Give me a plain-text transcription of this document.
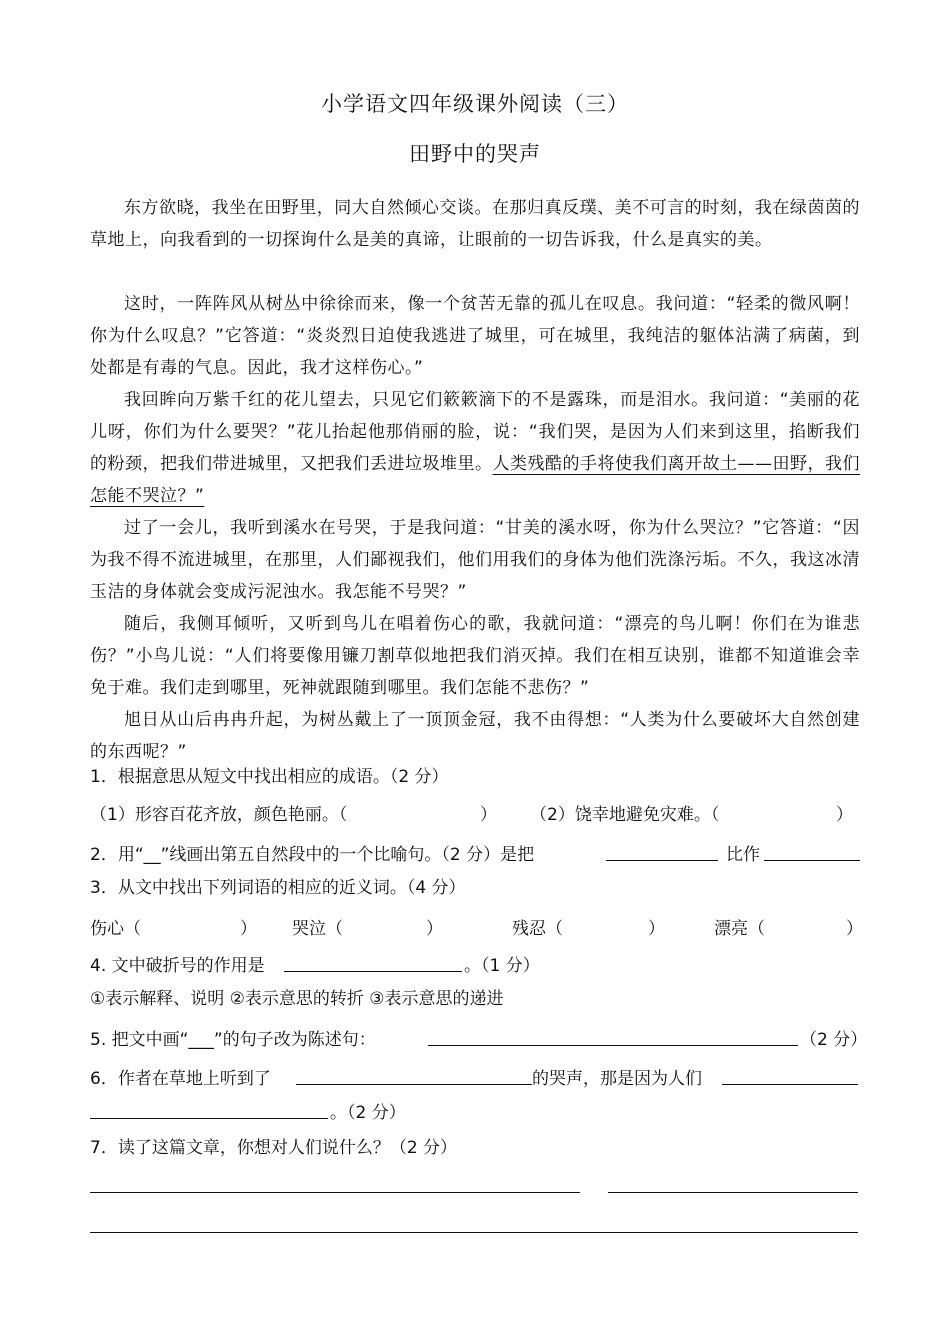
小学语文四年级课外阅读（三）
田野中的哭声

东方欲晓，我坐在田野里，同大自然倾心交谈。在那归真反璞、美不可言的时刻，我在绿茵茵的草地上，向我看到的一切探询什么是美的真谛，让眼前的一切告诉我，什么是真实的美。

这时，一阵阵风从树丛中徐徐而来，像一个贫苦无靠的孤儿在叹息。我问道：“轻柔的微风啊！你为什么叹息？”它答道：“炎炎烈日迫使我逃进了城里，可在城里，我纯洁的躯体沾满了病菌，到处都是有毒的气息。因此，我才这样伤心。”

我回眸向万紫千红的花儿望去，只见它们簌簌滴下的不是露珠，而是泪水。我问道：“美丽的花儿呀，你们为什么要哭？”花儿抬起他那俏丽的脸，说：“我们哭，是因为人们来到这里，掐断我们的粉颈，把我们带进城里，又把我们丢进垃圾堆里。人类残酷的手将使我们离开故土——田野，我们怎能不哭泣？”

过了一会儿，我听到溪水在号哭，于是我问道：“甘美的溪水呀，你为什么哭泣？”它答道：“因为我不得不流进城里，在那里，人们鄙视我们，他们用我们的身体为他们洗涤污垢。不久，我这冰清玉洁的身体就会变成污泥浊水。我怎能不号哭？”

随后，我侧耳倾听，又听到鸟儿在唱着伤心的歌，我就问道：“漂亮的鸟儿啊！你们在为谁悲伤？”小鸟儿说：“人们将要像用镰刀割草似地把我们消灭掉。我们在相互诀别，谁都不知道谁会幸免于难。我们走到哪里，死神就跟随到哪里。我们怎能不悲伤？”

旭日从山后冉冉升起，为树丛戴上了一顶顶金冠，我不由得想：“人类为什么要破坏大自然创建的东西呢？”

1．根据意思从短文中找出相应的成语。（2 分）
（1）形容百花齐放，颜色艳丽。（	） （2）饶幸地避免灾难。（	）
2．用“__”线画出第五自然段中的一个比喻句。（2 分）是把	比作
3．从文中找出下列词语的相应的近义词。（4 分）
伤心（	） 哭泣（	）	残忍（	）	漂亮（	）
4. 文中破折号的作用是	。（1 分）
①表示解释、说明 ②表示意思的转折 ③表示意思的递进
5. 把文中画“___”的句子改为陈述句：	（2 分）
6．作者在草地上听到了	的哭声，那是因为人们
。（2 分）
7．读了这篇文章，你想对人们说什么？（2 分）
